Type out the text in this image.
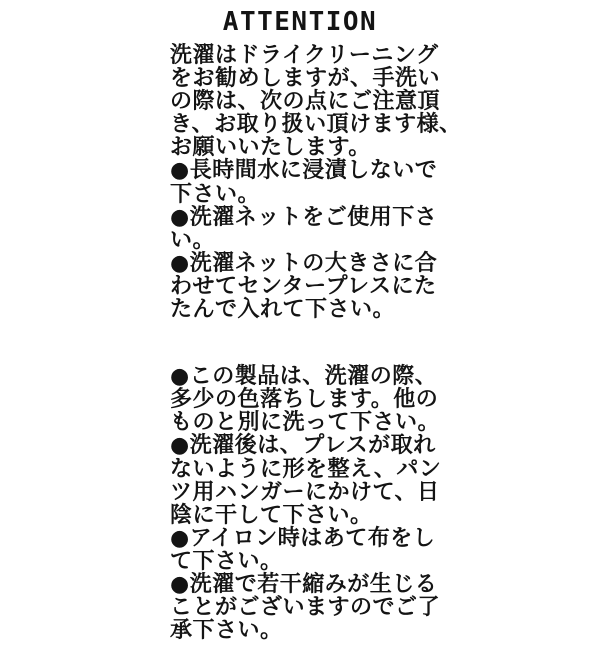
ATTENTION
洗濯はドライクリーニング
をお勧めしますが、手洗い
の際は、次の点にご注意頂
き、お取り扱い頂けます様、
お願いいたします。
●長時間水に浸漬しないで
下さい。
●洗濯ネットをご使用下さ
い。
●洗濯ネットの大きさに合
わせてセンタープレスにた
たんで入れて下さい。
●この製品は、洗濯の際、
多少の色落ちします。他の
ものと別に洗って下さい。
●洗濯後は、プレスが取れ
ないように形を整え、パン
ツ用ハンガーにかけて、日
陰に干して下さい。
●アイロン時はあて布をし
て下さい。
●洗濯で若干縮みが生じる
ことがございますのでご了
承下さい。
